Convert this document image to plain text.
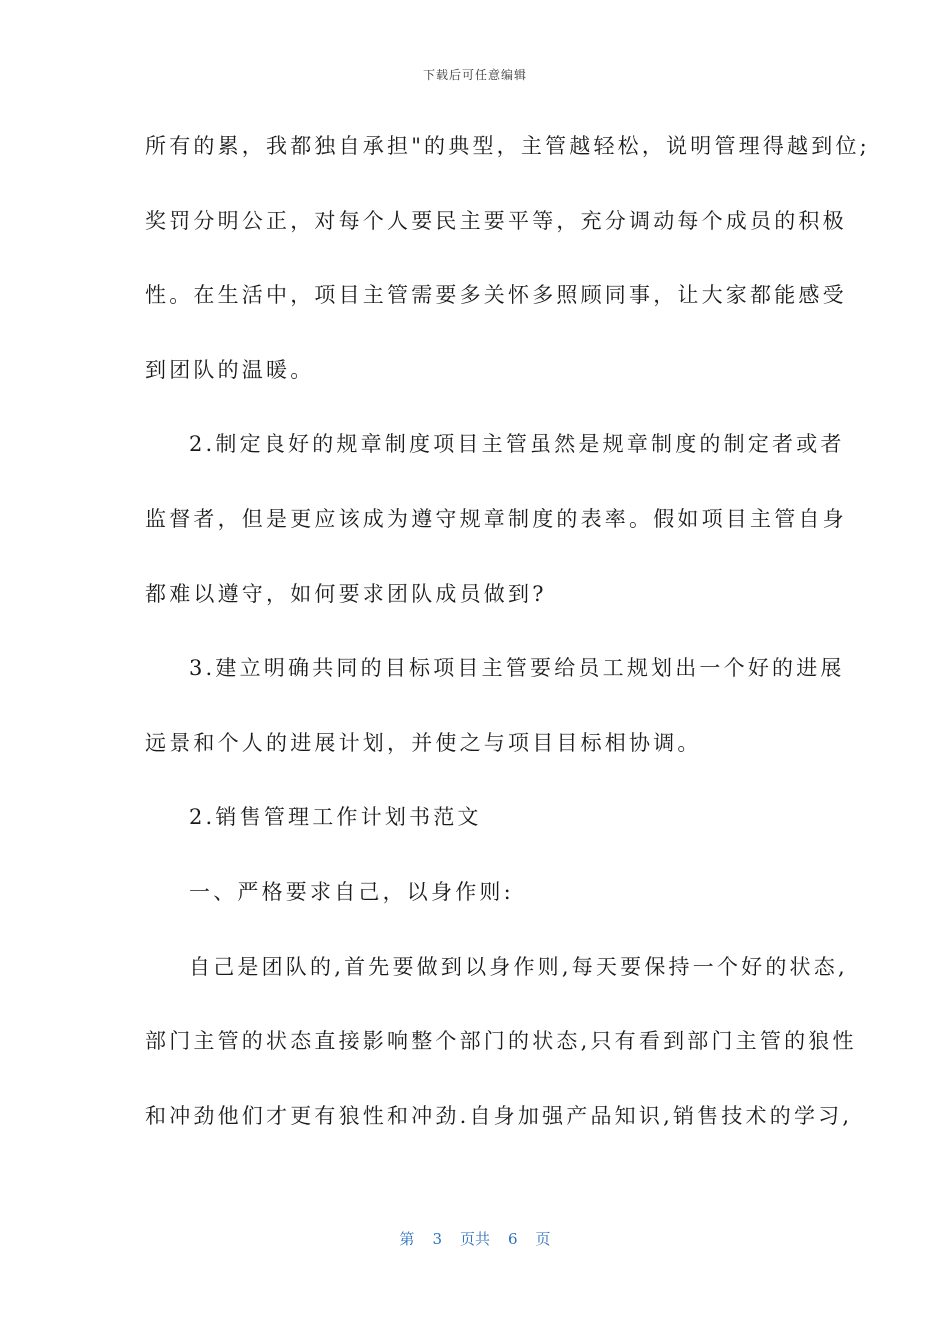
下载后可任意编辑
所有的累，我都独自承担"的典型，主管越轻松，说明管理得越到位;
奖罚分明公正，对每个人要民主要平等，充分调动每个成员的积极
性。在生活中，项目主管需要多关怀多照顾同事，让大家都能感受
到团队的温暖。
2.制定良好的规章制度项目主管虽然是规章制度的制定者或者
监督者，但是更应该成为遵守规章制度的表率。假如项目主管自身
都难以遵守，如何要求团队成员做到?
3.建立明确共同的目标项目主管要给员工规划出一个好的进展
远景和个人的进展计划，并使之与项目目标相协调。
2.销售管理工作计划书范文
一、严格要求自己，以身作则:
自己是团队的,首先要做到以身作则,每天要保持一个好的状态,
部门主管的状态直接影响整个部门的状态,只有看到部门主管的狼性
和冲劲他们才更有狼性和冲劲.自身加强产品知识,销售技术的学习,
第 3 页共 6 页
